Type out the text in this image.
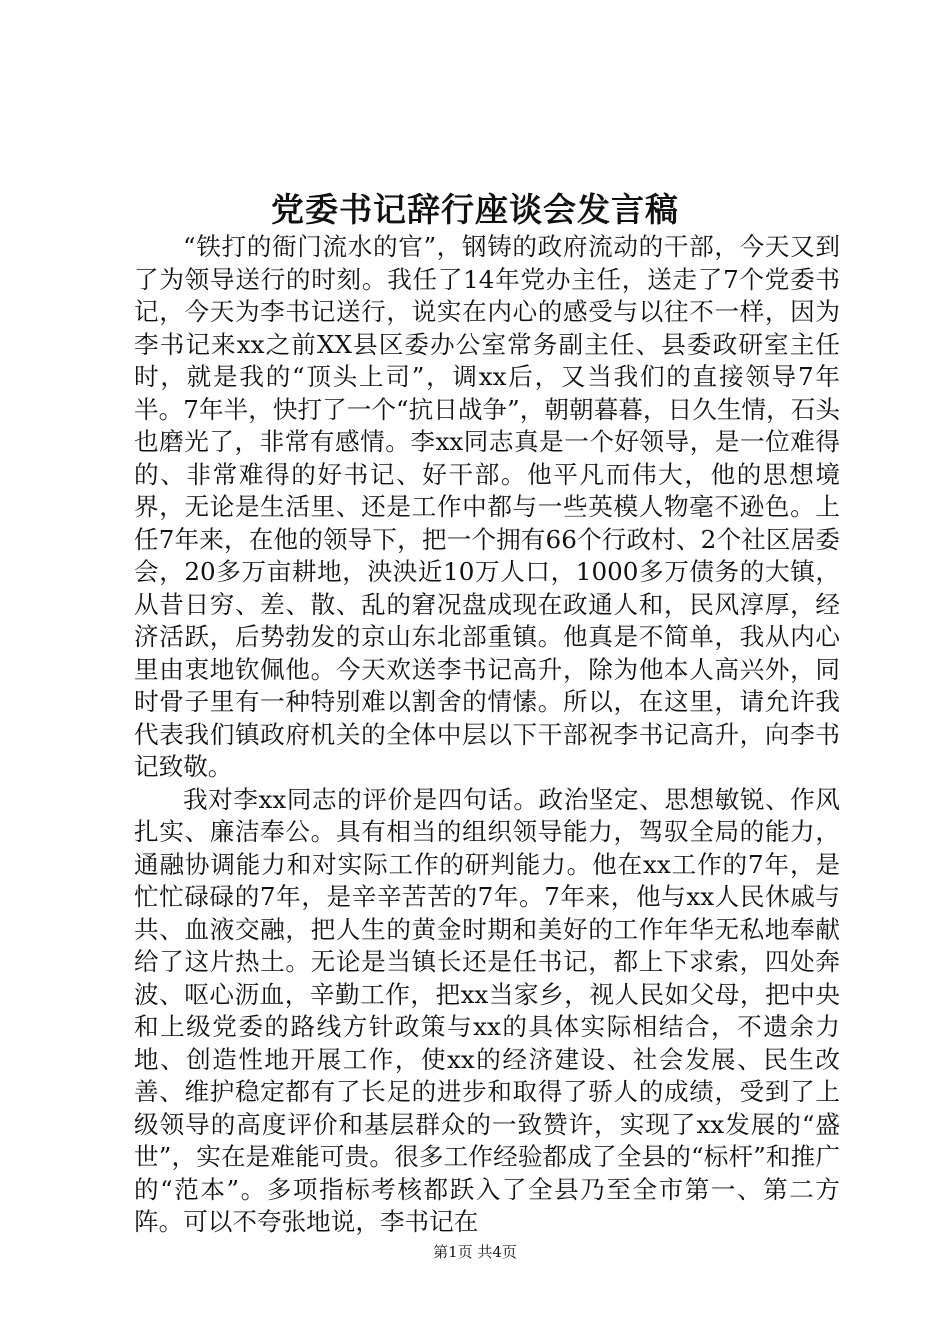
党委书记辞行座谈会发言稿

“铁打的衙门流水的官”，钢铸的政府流动的干部，今天又到了为领导送行的时刻。我任了14年党办主任，送走了7个党委书记，今天为李书记送行，说实在内心的感受与以往不一样，因为李书记来xx之前XX县区委办公室常务副主任、县委政研室主任时，就是我的“顶头上司”，调xx后，又当我们的直接领导7年半。7年半，快打了一个“抗日战争”，朝朝暮暮，日久生情，石头也磨光了，非常有感情。李xx同志真是一个好领导，是一位难得的、非常难得的好书记、好干部。他平凡而伟大，他的思想境界，无论是生活里、还是工作中都与一些英模人物毫不逊色。上任7年来，在他的领导下，把一个拥有66个行政村、2个社区居委会，20多万亩耕地，泱泱近10万人口，1000多万债务的大镇，从昔日穷、差、散、乱的窘况盘成现在政通人和，民风淳厚，经济活跃，后势勃发的京山东北部重镇。他真是不简单，我从内心里由衷地钦佩他。今天欢送李书记高升，除为他本人高兴外，同时骨子里有一种特别难以割舍的情愫。所以，在这里，请允许我代表我们镇政府机关的全体中层以下干部祝李书记高升，向李书记致敬。

我对李xx同志的评价是四句话。政治坚定、思想敏锐、作风扎实、廉洁奉公。具有相当的组织领导能力，驾驭全局的能力，通融协调能力和对实际工作的研判能力。他在xx工作的7年，是忙忙碌碌的7年，是辛辛苦苦的7年。7年来，他与xx人民休戚与共、血液交融，把人生的黄金时期和美好的工作年华无私地奉献给了这片热土。无论是当镇长还是任书记，都上下求索，四处奔波、呕心沥血，辛勤工作，把xx当家乡，视人民如父母，把中央和上级党委的路线方针政策与xx的具体实际相结合，不遗余力地、创造性地开展工作，使xx的经济建设、社会发展、民生改善、维护稳定都有了长足的进步和取得了骄人的成绩，受到了上级领导的高度评价和基层群众的一致赞许，实现了xx发展的“盛世”，实在是难能可贵。很多工作经验都成了全县的“标杆”和推广的“范本”。多项指标考核都跃入了全县乃至全市第一、第二方阵。可以不夸张地说，李书记在

第1页 共4页
